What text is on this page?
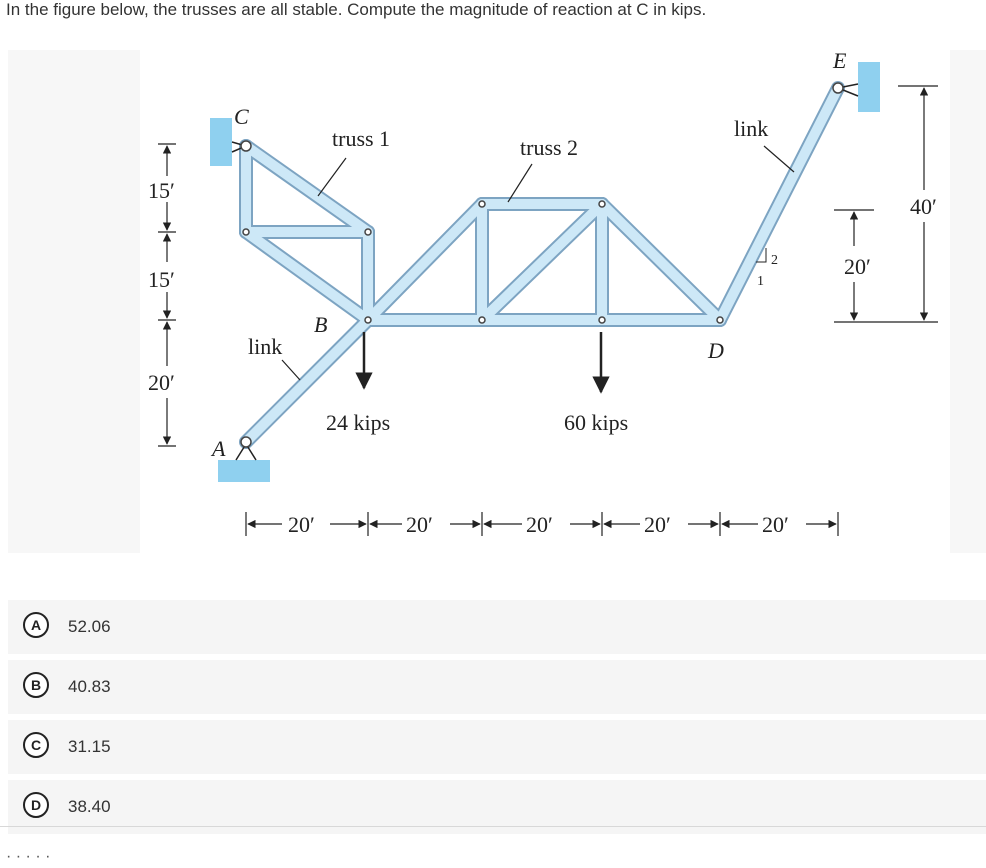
In the figure below, the trusses are all stable. Compute the magnitude of reaction at C in kips.
C
E
A
B
D
truss 1	truss 2
link
link
24 kips	60 kips
2
1
15′
15′
20′
40′
20′
20′	20′	20′	20′	20′
A	52.06
B	40.83
C	31.15
D	38.40
· · · · ·
